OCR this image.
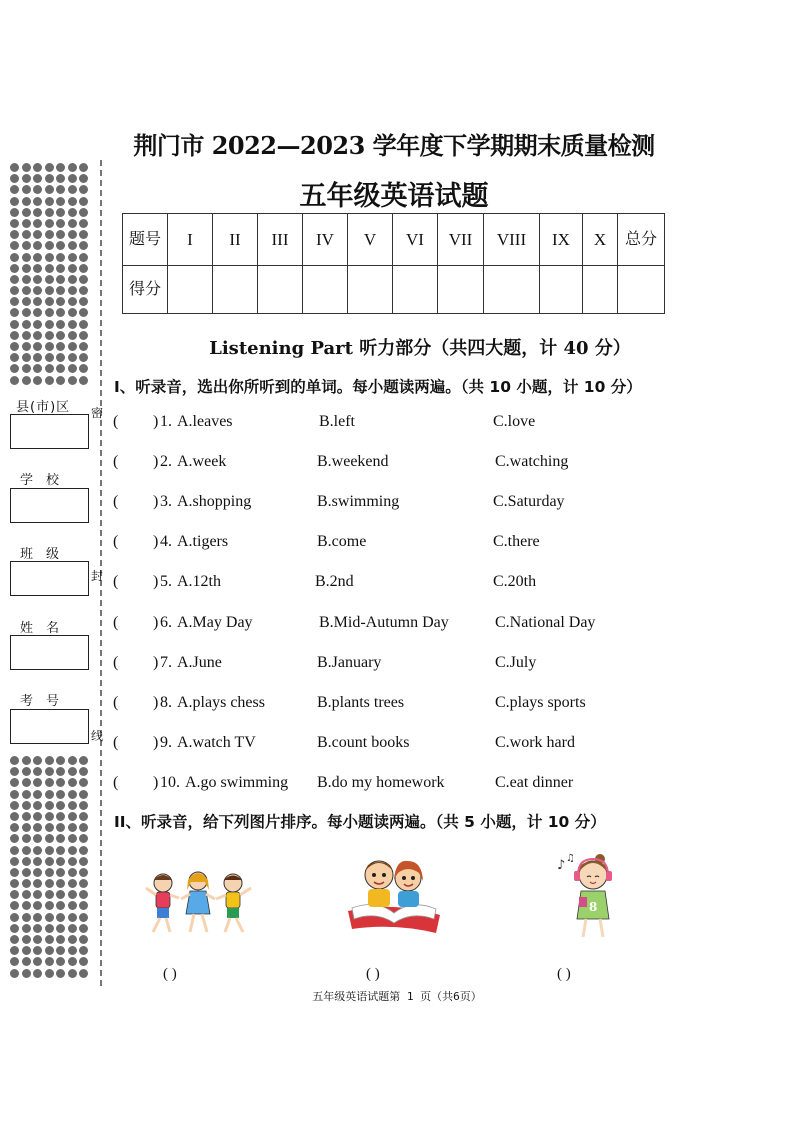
密
封
线
县(市)区
学　校
班　级
姓　名
考　号
荆门市 2022—2023 学年度下学期期末质量检测
五年级英语试题
题号	I	II	III	IV	V	VI	VII	VIII	IX	X	总分
得分											
Listening Part 听力部分（共四大题，计 40 分）
I、听录音，选出你所听到的单词。每小题读两遍。（共 10 小题，计 10 分）
( ) 1. A.leaves	B.left	C.love
( ) 2. A.week	B.weekend	C.watching
( ) 3. A.shopping	B.swimming	C.Saturday
( ) 4. A.tigers	B.come	C.there
( ) 5. A.12th	B.2nd	C.20th
( ) 6. A.May Day	B.Mid-Autumn Day	C.National Day
( ) 7. A.June	B.January	C.July
( ) 8. A.plays chess	B.plants trees	C.plays sports
( ) 9. A.watch TV	B.count books	C.work hard
( ) 10. A.go swimming B.do my homework	C.eat dinner
II、听录音，给下列图片排序。每小题读两遍。（共 5 小题，计 10 分）
♪ ♫
8
( )	( )	( )
五年级英语试题第 1 页（共6页）
